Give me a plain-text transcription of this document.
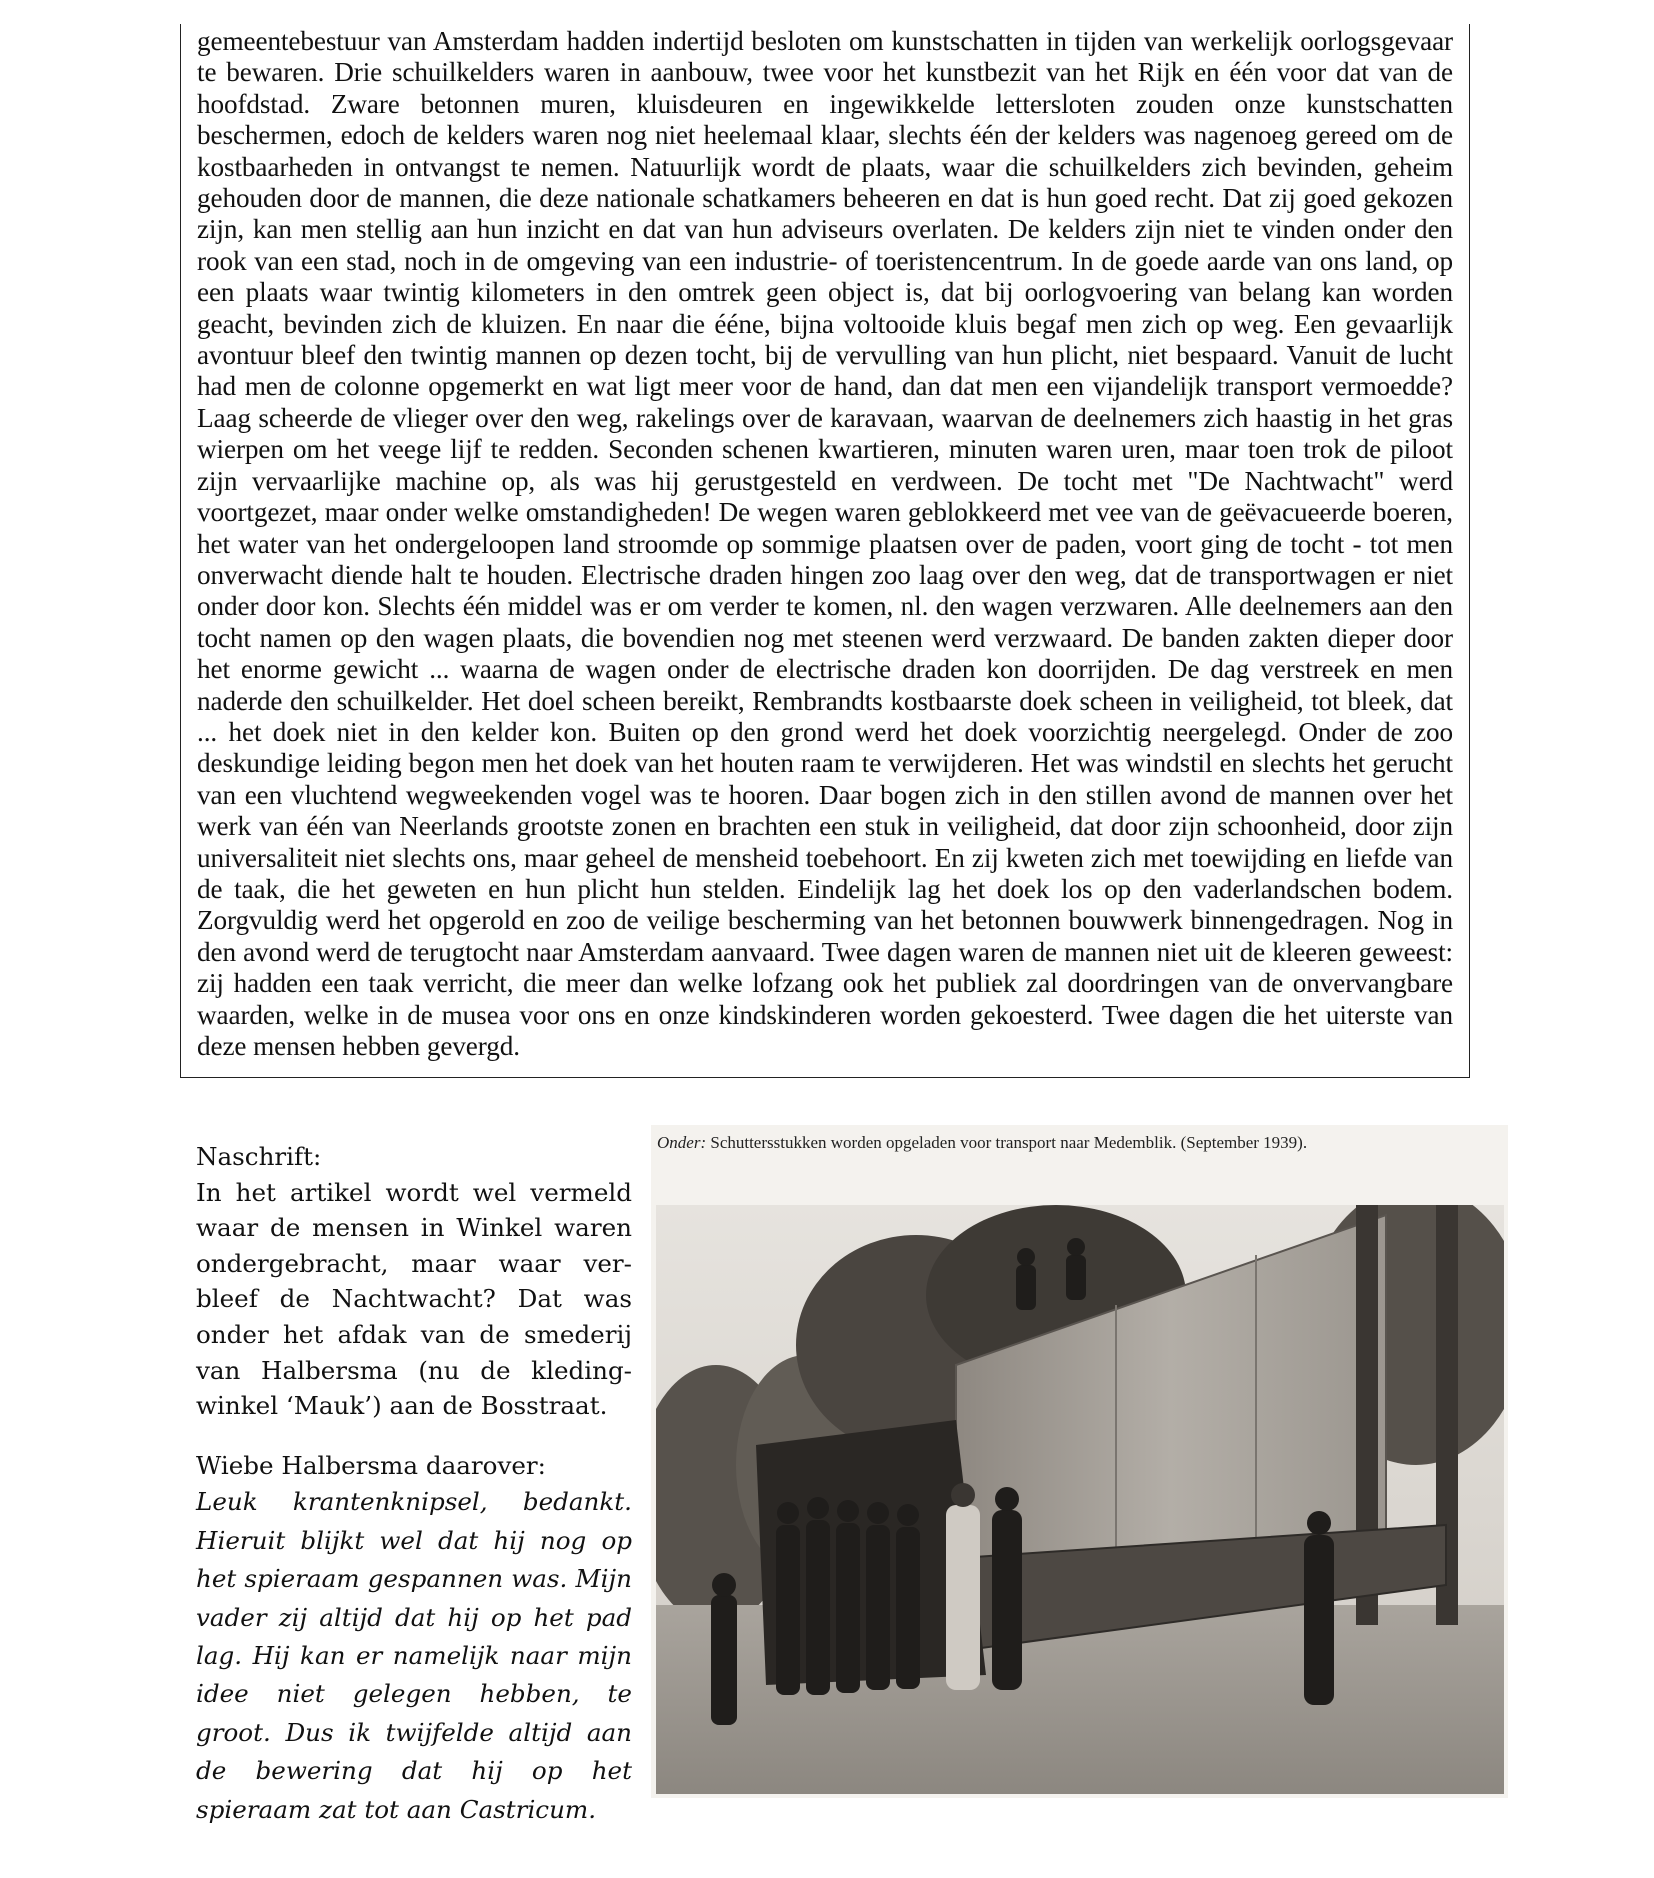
gemeentebestuur van Amsterdam hadden indertijd besloten om kunstschatten in tijden van werkelijk oorlogsgevaar te bewaren. Drie schuilkelders waren in aanbouw, twee voor het kunstbezit van het Rijk en één voor dat van de hoofdstad. Zware betonnen muren, kluisdeuren en ingewikkelde lettersloten zouden onze kunstschatten beschermen, edoch de kelders waren nog niet heelemaal klaar, slechts één der kelders was nagenoeg gereed om de kostbaarheden in ontvangst te nemen. Natuurlijk wordt de plaats, waar die schuilkelders zich bevinden, geheim gehouden door de mannen, die deze nationale schatkamers beheeren en dat is hun goed recht. Dat zij goed gekozen zijn, kan men stellig aan hun inzicht en dat van hun adviseurs overlaten. De kelders zijn niet te vinden onder den rook van een stad, noch in de omgeving van een industrie- of toeristencentrum. In de goede aarde van ons land, op een plaats waar twintig kilometers in den omtrek geen object is, dat bij oorlogvoering van belang kan worden geacht, bevinden zich de kluizen. En naar die ééne, bijna voltooide kluis begaf men zich op weg. Een gevaarlijk avontuur bleef den twintig mannen op dezen tocht, bij de vervulling van hun plicht, niet bespaard. Vanuit de lucht had men de colonne opgemerkt en wat ligt meer voor de hand, dan dat men een vijandelijk transport vermoedde? Laag scheerde de vlieger over den weg, rakelings over de karavaan, waarvan de deelnemers zich haastig in het gras wierpen om het veege lijf te redden. Seconden schenen kwartieren, minuten waren uren, maar toen trok de piloot zijn vervaarlijke machine op, als was hij gerustgesteld en verdween. De tocht met "De Nachtwacht" werd voortgezet, maar onder welke omstandigheden! De wegen waren geblokkeerd met vee van de geëvacueerde boeren, het water van het ondergeloopen land stroomde op sommige plaatsen over de paden, voort ging de tocht - tot men onverwacht diende halt te houden. Electrische draden hingen zoo laag over den weg, dat de transportwagen er niet onder door kon. Slechts één middel was er om verder te komen, nl. den wagen verzwaren. Alle deelnemers aan den tocht namen op den wagen plaats, die bovendien nog met steenen werd verzwaard. De banden zakten dieper door het enorme gewicht ... waarna de wagen onder de electrische draden kon doorrijden. De dag verstreek en men naderde den schuilkelder. Het doel scheen bereikt, Rembrandts kostbaarste doek scheen in veiligheid, tot bleek, dat ... het doek niet in den kelder kon. Buiten op den grond werd het doek voorzichtig neergelegd. Onder de zoo deskundige leiding begon men het doek van het houten raam te verwijderen. Het was windstil en slechts het gerucht van een vluchtend wegweekenden vogel was te hooren. Daar bogen zich in den stillen avond de mannen over het werk van één van Neerlands grootste zonen en brachten een stuk in veiligheid, dat door zijn schoonheid, door zijn universaliteit niet slechts ons, maar geheel de mensheid toebehoort. En zij kweten zich met toewijding en liefde van de taak, die het geweten en hun plicht hun stelden. Eindelijk lag het doek los op den vaderlandschen bodem. Zorgvuldig werd het opgerold en zoo de veilige bescherming van het betonnen bouwwerk binnengedragen. Nog in den avond werd de terugtocht naar Amsterdam aanvaard. Twee dagen waren de mannen niet uit de kleeren geweest: zij hadden een taak verricht, die meer dan welke lofzang ook het publiek zal doordringen van de onvervangbare waarden, welke in de musea voor ons en onze kindskinderen worden gekoesterd. Twee dagen die het uiterste van deze mensen hebben gevergd.

Naschrift:

In het artikel wordt wel vermeld waar de mensen in Winkel waren ondergebracht, maar waar ver-bleef de Nachtwacht? Dat was onder het afdak van de smederij van Halbersma (nu de kleding-winkel ‘Mauk’) aan de Bosstraat.

Wiebe Halbersma daarover:

Leuk krantenknipsel, bedankt. Hieruit blijkt wel dat hij nog op het spieraam gespannen was. Mijn vader zij altijd dat hij op het pad lag. Hij kan er namelijk naar mijn idee niet gelegen hebben, te groot. Dus ik twijfelde altijd aan de bewering dat hij op het spieraam zat tot aan Castricum.

Onder: Schuttersstukken worden opgeladen voor transport naar Medemblik. (September 1939).
